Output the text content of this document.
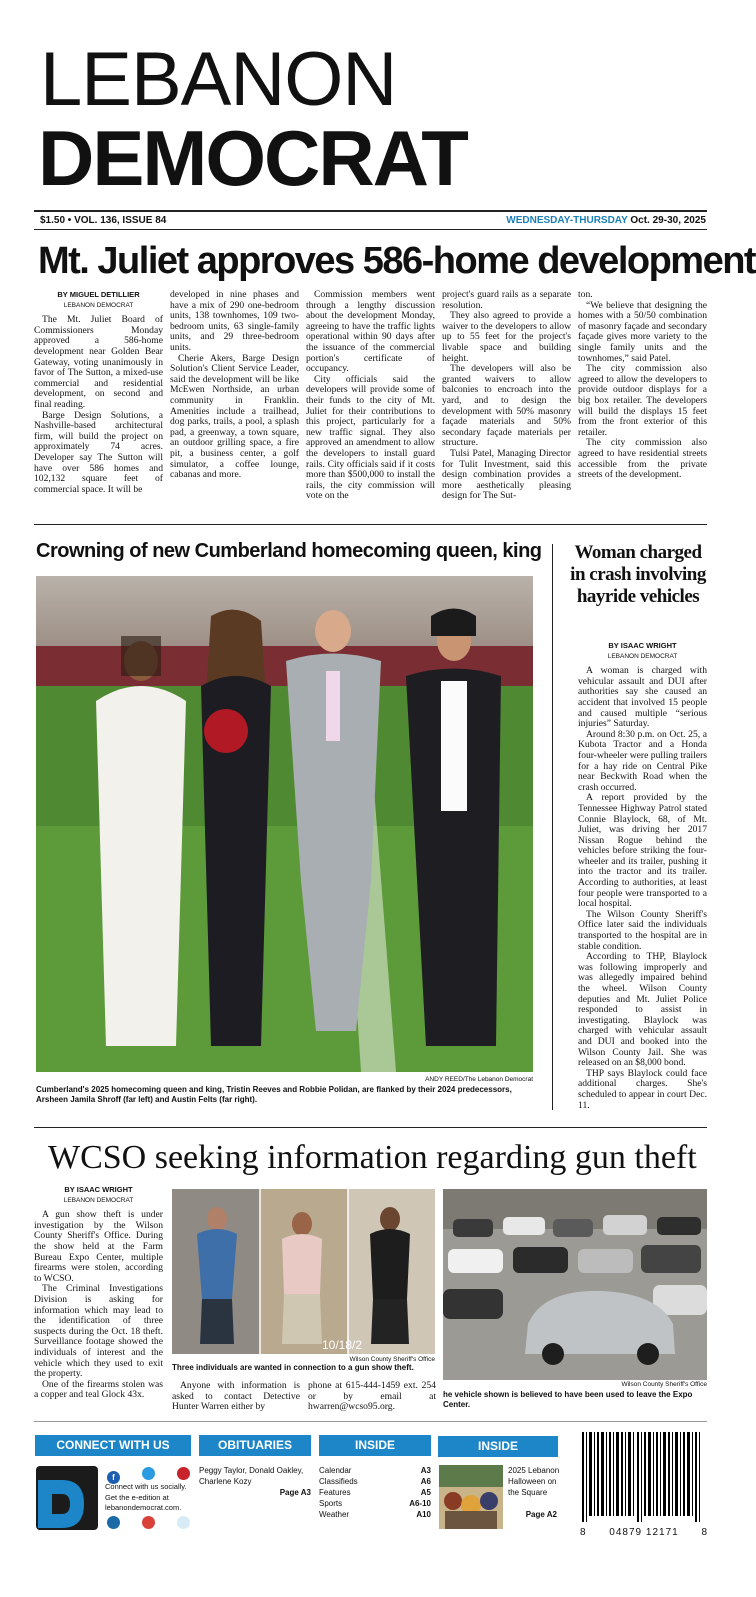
LEBANON
DEMOCRAT
$1.50 • VOL. 136, ISSUE 84	WEDNESDAY-THURSDAY Oct. 29-30, 2025
Mt. Juliet approves 586-home development
BY MIGUEL DETILLIER
LEBANON DEMOCRAT

The Mt. Juliet Board of Commissioners Monday approved a 586-home development near Golden Bear Gateway, voting unanimously in favor of The Sutton, a mixed-use commercial and residential development, on second and final reading.

Barge Design Solutions, a Nashville-based architectural firm, will build the project on approximately 74 acres. Developer say The Sutton will have over 586 homes and 102,132 square feet of commercial space. It will be

developed in nine phases and have a mix of 290 one-bedroom units, 138 townhomes, 109 two-bedroom units, 63 single-family units, and 29 three-bedroom units.

Cherie Akers, Barge Design Solution's Client Service Leader, said the development will be like McEwen Northside, an urban community in Franklin. Amenities include a trailhead, dog parks, trails, a pool, a splash pad, a greenway, a town square, an outdoor grilling space, a fire pit, a business center, a golf simulator, a coffee lounge, cabanas and more.

Commission members went through a lengthy discussion about the development Monday, agreeing to have the traffic lights operational within 90 days after the issuance of the commercial portion's certificate of occupancy.

City officials said the developers will provide some of their funds to the city of Mt. Juliet for their contributions to this project, particularly for a new traffic signal. They also approved an amendment to allow the developers to install guard rails. City officials said if it costs more than $500,000 to install the rails, the city commission will vote on the

project's guard rails as a separate resolution.

They also agreed to provide a waiver to the developers to allow up to 55 feet for the project's livable space and building height.

The developers will also be granted waivers to allow balconies to encroach into the yard, and to design the development with 50% masonry façade materials and 50% secondary façade materials per structure.

Tulsi Patel, Managing Director for Tulit Investment, said this design combination provides a more aesthetically pleasing design for The Sut-

ton.

“We believe that designing the homes with a 50/50 combination of masonry façade and secondary façade gives more variety to the single family units and the townhomes,” said Patel.

The city commission also agreed to allow the developers to provide outdoor displays for a big box retailer. The developers will build the displays 15 feet from the front exterior of this retailer.

The city commission also agreed to have residential streets accessible from the private streets of the development.

Crowning of new Cumberland homecoming queen, king
ANDY REED/The Lebanon Democrat
Cumberland's 2025 homecoming queen and king, Tristin Reeves and Robbie Polidan, are flanked by their 2024 predecessors, Arsheen Jamila Shroff (far left) and Austin Felts (far right).
Woman charged in crash involving hayride vehicles
BY ISAAC WRIGHT
LEBANON DEMOCRAT

A woman is charged with vehicular assault and DUI after authorities say she caused an accident that involved 15 people and caused multiple “serious injuries” Saturday.

Around 8:30 p.m. on Oct. 25, a Kubota Tractor and a Honda four-wheeler were pulling trailers for a hay ride on Central Pike near Beckwith Road when the crash occurred.

A report provided by the Tennessee Highway Patrol stated Connie Blaylock, 68, of Mt. Juliet, was driving her 2017 Nissan Rogue behind the vehicles before striking the four-wheeler and its trailer, pushing it into the tractor and its trailer. According to authorities, at least four people were transported to a local hospital.

The Wilson County Sheriff's Office later said the individuals transported to the hospital are in stable condition.

According to THP, Blaylock was following improperly and was allegedly impaired behind the wheel. Wilson County deputies and Mt. Juliet Police responded to assist in investigating. Blaylock was charged with vehicular assault and DUI and booked into the Wilson County Jail. She was released on an $8,000 bond.

THP says Blaylock could face additional charges. She's scheduled to appear in court Dec. 11.

WCSO seeking information regarding gun theft
BY ISAAC WRIGHT
LEBANON DEMOCRAT

A gun show theft is under investigation by the Wilson County Sheriff's Office. During the show held at the Farm Bureau Expo Center, multiple firearms were stolen, according to WCSO.

The Criminal Investigations Division is asking for information which may lead to the identification of three suspects during the Oct. 18 theft. Surveillance footage showed the individuals of interest and the vehicle which they used to exit the property.

One of the firearms stolen was a copper and teal Glock 43x.

10/18/2
Wilson County Sheriff's Office
Three individuals are wanted in connection to a gun show theft.

Anyone with information is asked to contact Detective Hunter Warren either by

phone at 615-444-1459 ext. 254 or by email at hwarren@wcso95.org.

Wilson County Sheriff's Office
he vehicle shown is believed to have been used to leave the Expo Center.
CONNECT WITH US
f
Connect with us socially.
Get the e-edition at
lebanondemocrat.com.

OBITUARIES
Peggy Taylor, Donald Oakley, Charlene Kozy
Page A3
INSIDE
Calendar	A3
Classifieds	A6
Features	A5
Sports	A6-10
Weather	A10
INSIDE
2025 Lebanon Halloween on the Square
Page A2
8 04879 12171 8
